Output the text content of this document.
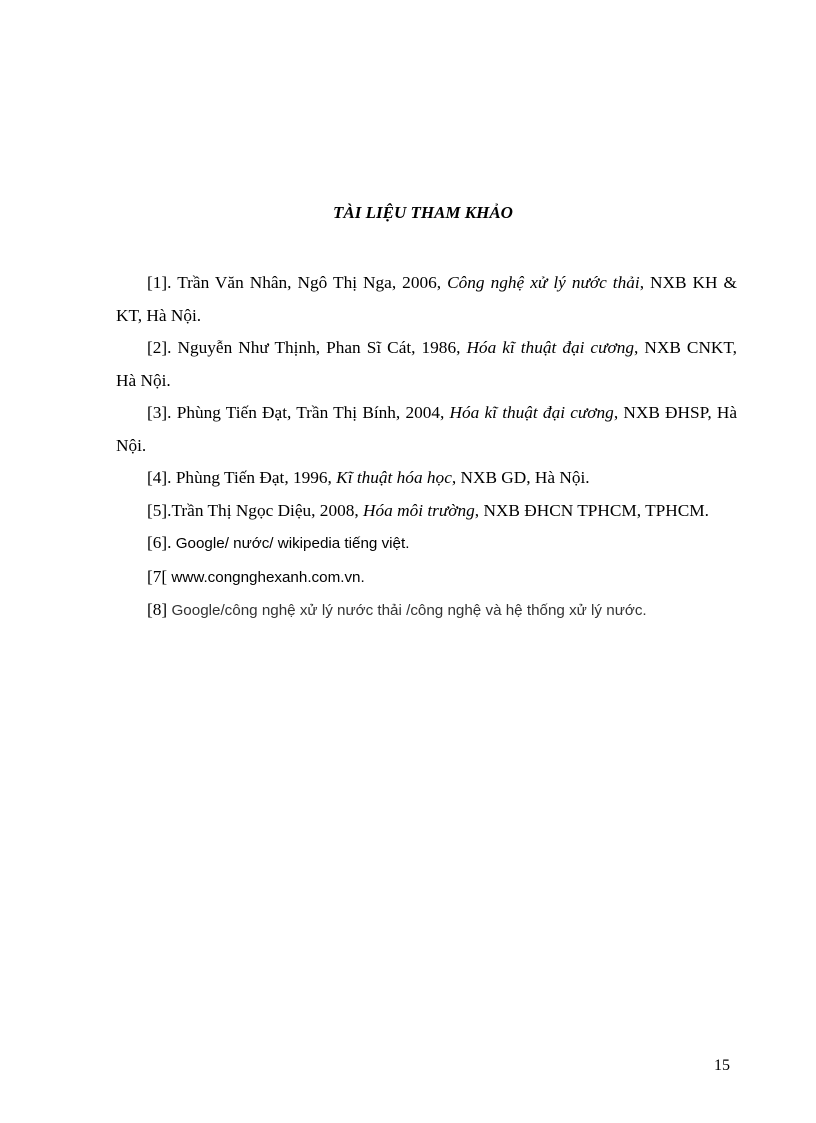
TÀI LIỆU THAM KHẢO

[1]. Trần Văn Nhân, Ngô Thị Nga, 2006, Công nghệ xử lý nước thải, NXB KH & KT, Hà Nội.

[2]. Nguyễn Như Thịnh, Phan Sĩ Cát, 1986, Hóa kĩ thuật đại cương, NXB CNKT, Hà Nội.

[3]. Phùng Tiến Đạt, Trần Thị Bính, 2004, Hóa kĩ thuật đại cương, NXB ĐHSP, Hà Nội.

[4]. Phùng Tiến Đạt, 1996, Kĩ thuật hóa học, NXB GD, Hà Nội.

[5].Trần Thị Ngọc Diệu, 2008, Hóa môi trường, NXB ĐHCN TPHCM, TPHCM.

[6]. Google/ nước/ wikipedia tiếng việt.

[7[ www.congnghexanh.com.vn.

[8] Google/công nghệ xử lý nước thải /công nghệ và hệ thống xử lý nước.

15
